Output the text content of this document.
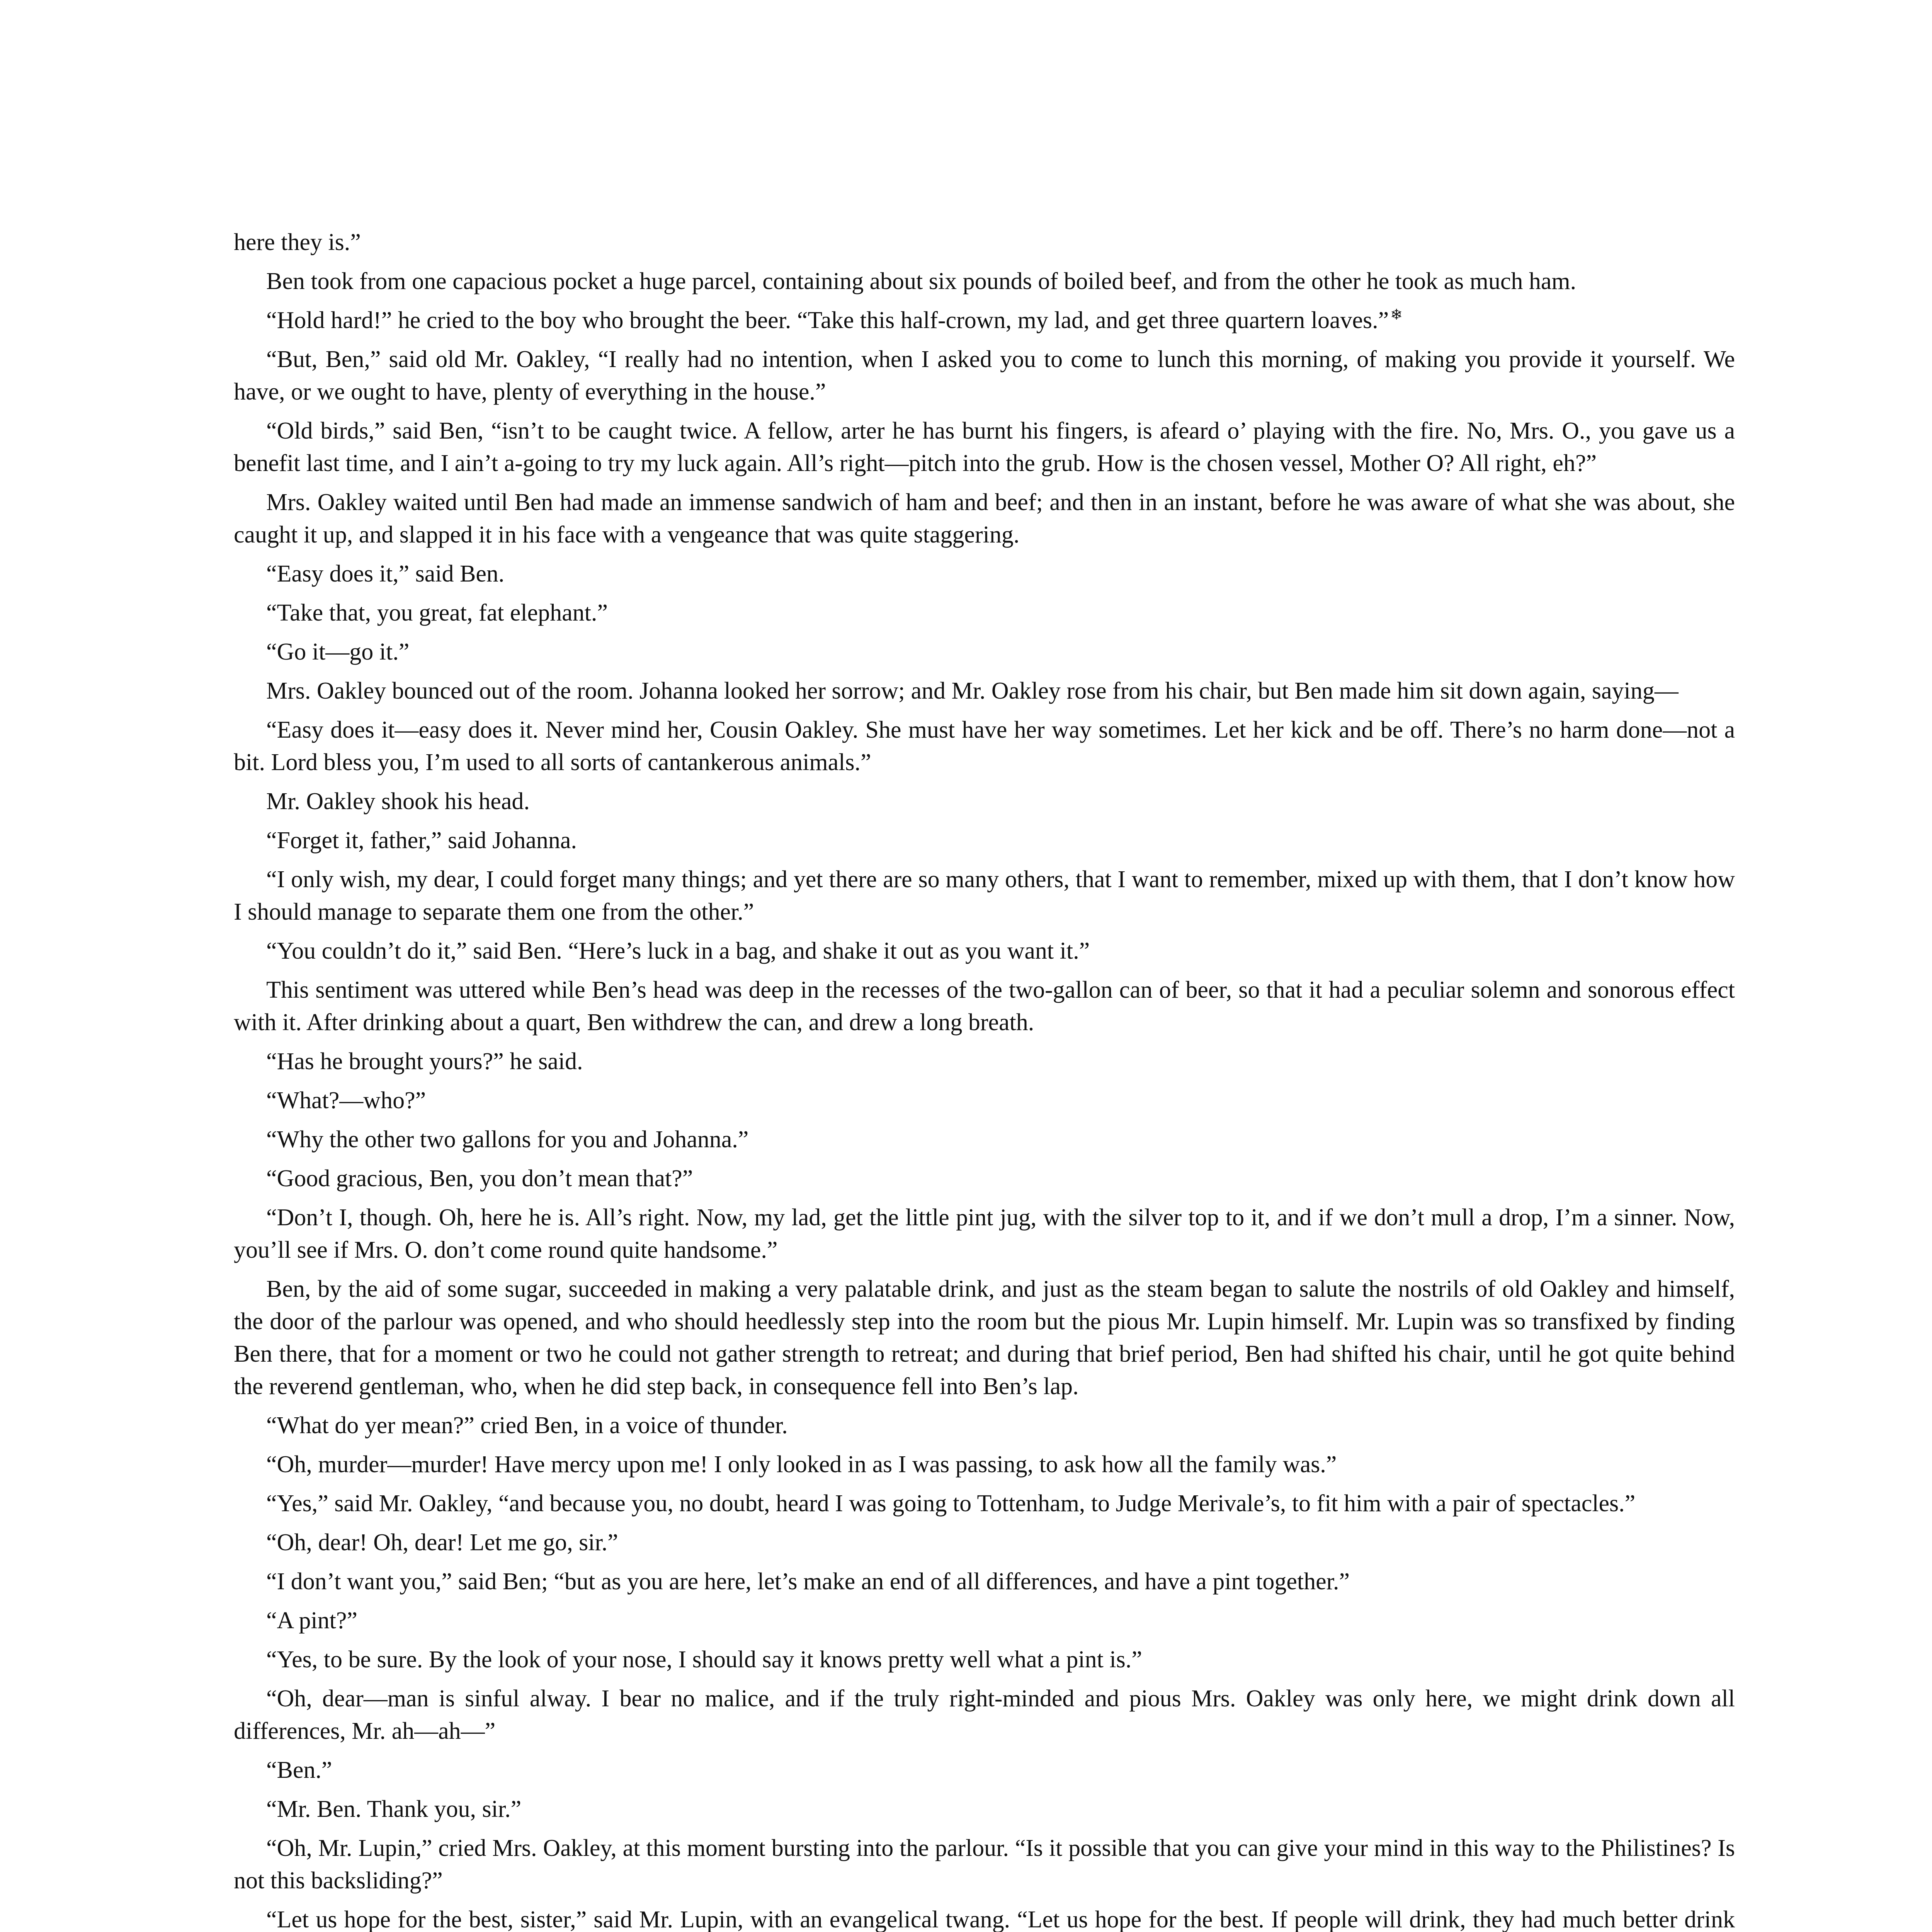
here they is.”

Ben took from one capacious pocket a huge parcel, containing about six pounds of boiled beef, and from the other he took as much ham.

“Hold hard!” he cried to the boy who brought the beer. “Take this half-crown, my lad, and get three quartern loaves.” ❄

“But, Ben,” said old Mr. Oakley, “I really had no intention, when I asked you to come to lunch this morning, of making you provide it yourself. We have, or we ought to have, plenty of everything in the house.”

“Old birds,” said Ben, “isn’t to be caught twice. A fellow, arter he has burnt his fingers, is afeard o’ playing with the fire. No, Mrs. O., you gave us a benefit last time, and I ain’t a-going to try my luck again. All’s right—pitch into the grub. How is the chosen vessel, Mother O? All right, eh?”

Mrs. Oakley waited until Ben had made an immense sandwich of ham and beef; and then in an instant, before he was aware of what she was about, she caught it up, and slapped it in his face with a vengeance that was quite staggering.

“Easy does it,” said Ben.

“Take that, you great, fat elephant.”

“Go it—go it.”

Mrs. Oakley bounced out of the room. Johanna looked her sorrow; and Mr. Oakley rose from his chair, but Ben made him sit down again, saying—

“Easy does it—easy does it. Never mind her, Cousin Oakley. She must have her way sometimes. Let her kick and be off. There’s no harm done—not a bit. Lord bless you, I’m used to all sorts of cantankerous animals.”

Mr. Oakley shook his head.

“Forget it, father,” said Johanna.

“I only wish, my dear, I could forget many things; and yet there are so many others, that I want to remember, mixed up with them, that I don’t know how I should manage to separate them one from the other.”

“You couldn’t do it,” said Ben. “Here’s luck in a bag, and shake it out as you want it.”

This sentiment was uttered while Ben’s head was deep in the recesses of the two-gallon can of beer, so that it had a peculiar solemn and sonorous effect with it. After drinking about a quart, Ben withdrew the can, and drew a long breath.

“Has he brought yours?” he said.

“What?—who?”

“Why the other two gallons for you and Johanna.”

“Good gracious, Ben, you don’t mean that?”

“Don’t I, though. Oh, here he is. All’s right. Now, my lad, get the little pint jug, with the silver top to it, and if we don’t mull a drop, I’m a sinner. Now, you’ll see if Mrs. O. don’t come round quite handsome.”

Ben, by the aid of some sugar, succeeded in making a very palatable drink, and just as the steam began to salute the nostrils of old Oakley and himself, the door of the parlour was opened, and who should heedlessly step into the room but the pious Mr. Lupin himself. Mr. Lupin was so transfixed by finding Ben there, that for a moment or two he could not gather strength to retreat; and during that brief period, Ben had shifted his chair, until he got quite behind the reverend gentleman, who, when he did step back, in consequence fell into Ben’s lap.

“What do yer mean?” cried Ben, in a voice of thunder.

“Oh, murder—murder! Have mercy upon me! I only looked in as I was passing, to ask how all the family was.”

“Yes,” said Mr. Oakley, “and because you, no doubt, heard I was going to Tottenham, to Judge Merivale’s, to fit him with a pair of spectacles.”

“Oh, dear! Oh, dear! Let me go, sir.”

“I don’t want you,” said Ben; “but as you are here, let’s make an end of all differences, and have a pint together.”

“A pint?”

“Yes, to be sure. By the look of your nose, I should say it knows pretty well what a pint is.”

“Oh, dear—man is sinful alway. I bear no malice, and if the truly right-minded and pious Mrs. Oakley was only here, we might drink down all differences, Mr. ah—ah—”

“Ben.”

“Mr. Ben. Thank you, sir.”

“Oh, Mr. Lupin,” cried Mrs. Oakley, at this moment bursting into the parlour. “Is it possible that you can give your mind in this way to the Philistines? Is not this backsliding?”

“Let us hope for the best, sister,” said Mr. Lupin, with an evangelical twang. “Let us hope for the best. If people will drink, they had much better drink
